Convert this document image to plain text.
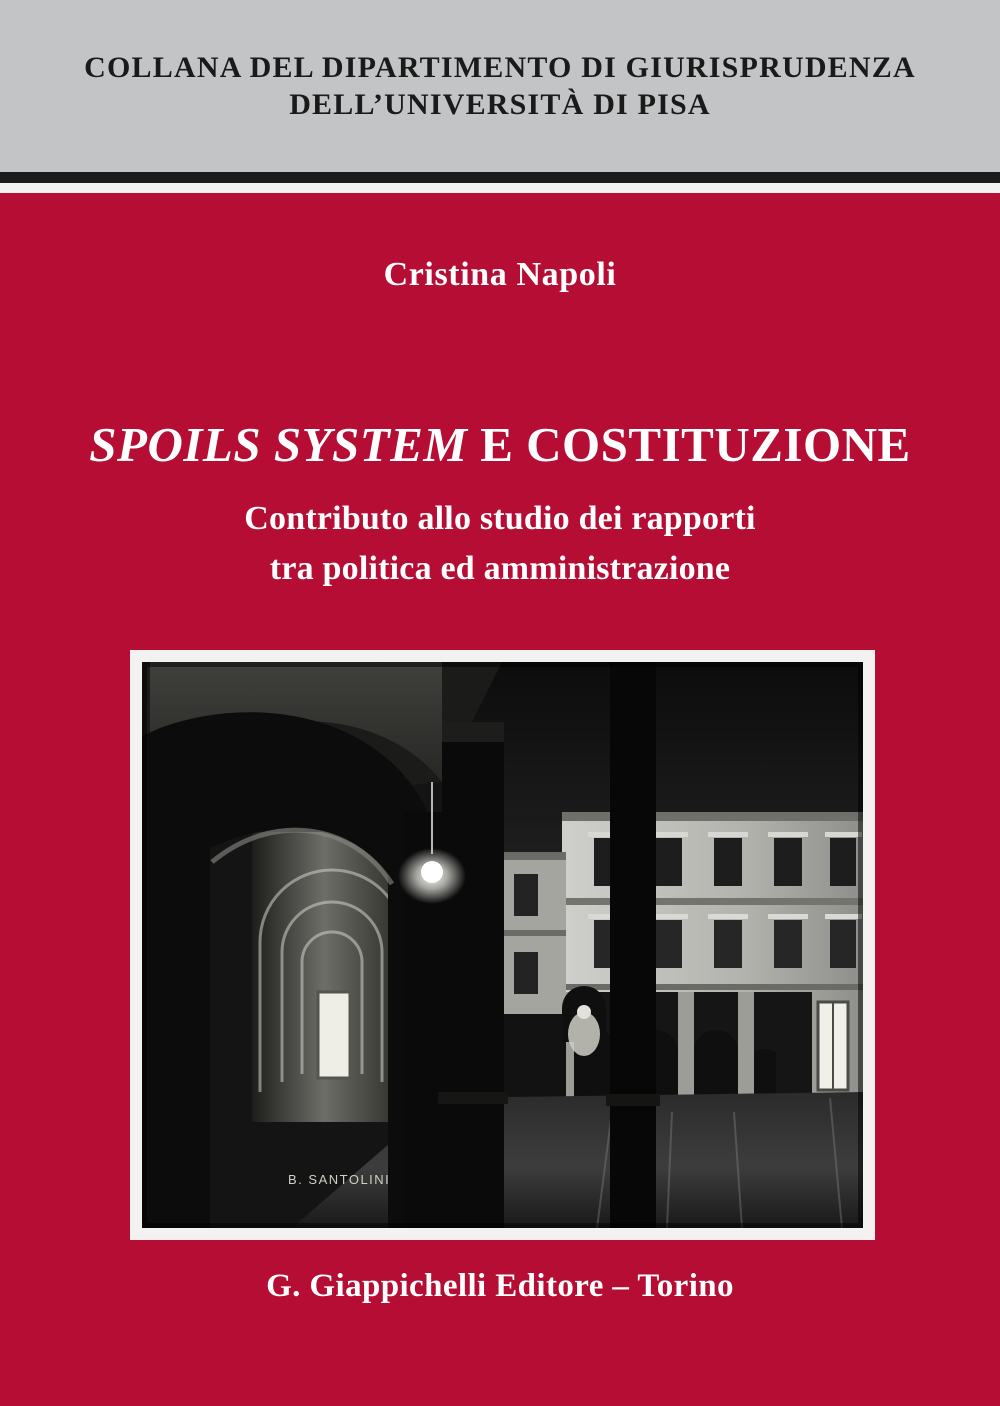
COLLANA DEL DIPARTIMENTO DI GIURISPRUDENZA
DELL’UNIVERSITÀ DI PISA
Cristina Napoli
SPOILS SYSTEM E COSTITUZIONE
Contributo allo studio dei rapporti
tra politica ed amministrazione
B. SANTOLINI
G. Giappichelli Editore – Torino
